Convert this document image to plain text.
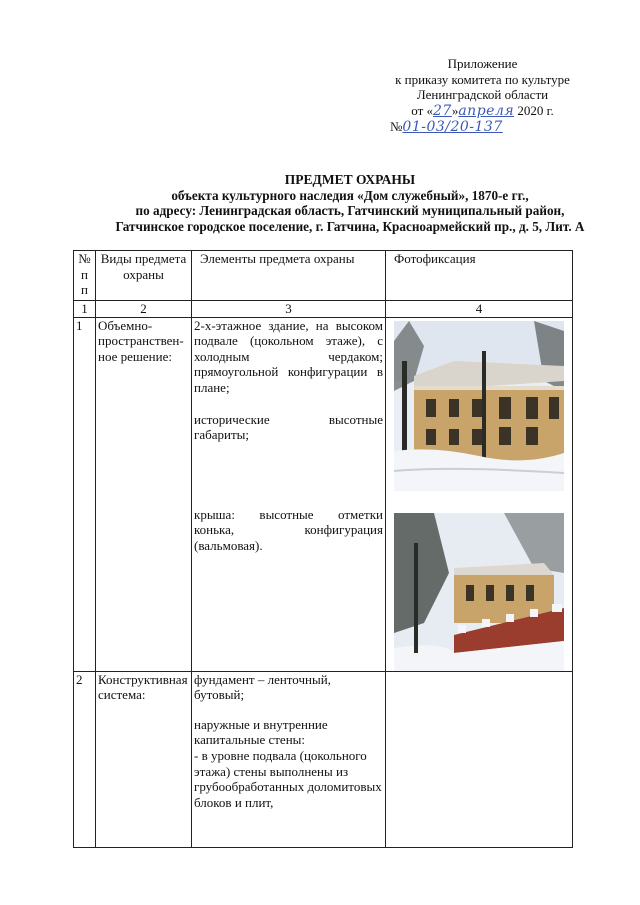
Приложение
к приказу комитета по культуре
Ленинградской области
от «27»апреля 2020 г.
№01-03/20-137
ПРЕДМЕТ ОХРАНЫ
объекта культурного наследия «Дом служебный», 1870-е гг.,
по адресу: Ленинградская область, Гатчинский муниципальный район,
Гатчинское городское поселение, г. Гатчина, Красноармейский пр., д. 5, Лит. А
№ п п	Виды предмета охраны	Элементы предмета охраны	Фотофиксация
1	2	3	4
1	Объемно-пространствен-ное решение:	2-х-этажное здание, на высоком подвале (цокольном этаже), с холодным чердаком; прямоугольной конфигурации в плане;
исторические высотные габариты;
крыша: высотные отметки конька, конфигурация (вальмовая).

2	Конструктивная система:	фундамент – ленточный, бутовый;
наружные и внутренние капитальные стены:
- в уровне подвала (цокольного этажа) стены выполнены из грубообработанных доломитовых блоков и плит,	
